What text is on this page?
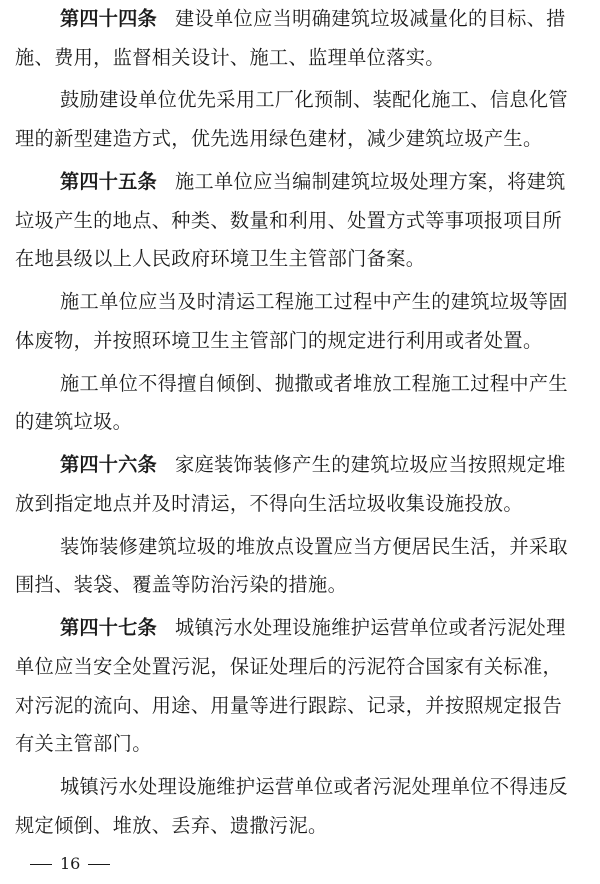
第四十四条 建设单位应当明确建筑垃圾减量化的目标、措
施、费用，监督相关设计、施工、监理单位落实。
鼓励建设单位优先采用工厂化预制、装配化施工、信息化管
理的新型建造方式，优先选用绿色建材，减少建筑垃圾产生。
第四十五条 施工单位应当编制建筑垃圾处理方案，将建筑
垃圾产生的地点、种类、数量和利用、处置方式等事项报项目所
在地县级以上人民政府环境卫生主管部门备案。
施工单位应当及时清运工程施工过程中产生的建筑垃圾等固
体废物，并按照环境卫生主管部门的规定进行利用或者处置。
施工单位不得擅自倾倒、抛撒或者堆放工程施工过程中产生
的建筑垃圾。
第四十六条 家庭装饰装修产生的建筑垃圾应当按照规定堆
放到指定地点并及时清运，不得向生活垃圾收集设施投放。
装饰装修建筑垃圾的堆放点设置应当方便居民生活，并采取
围挡、装袋、覆盖等防治污染的措施。
第四十七条 城镇污水处理设施维护运营单位或者污泥处理
单位应当安全处置污泥，保证处理后的污泥符合国家有关标准，
对污泥的流向、用途、用量等进行跟踪、记录，并按照规定报告
有关主管部门。
城镇污水处理设施维护运营单位或者污泥处理单位不得违反
规定倾倒、堆放、丢弃、遗撒污泥。
16
